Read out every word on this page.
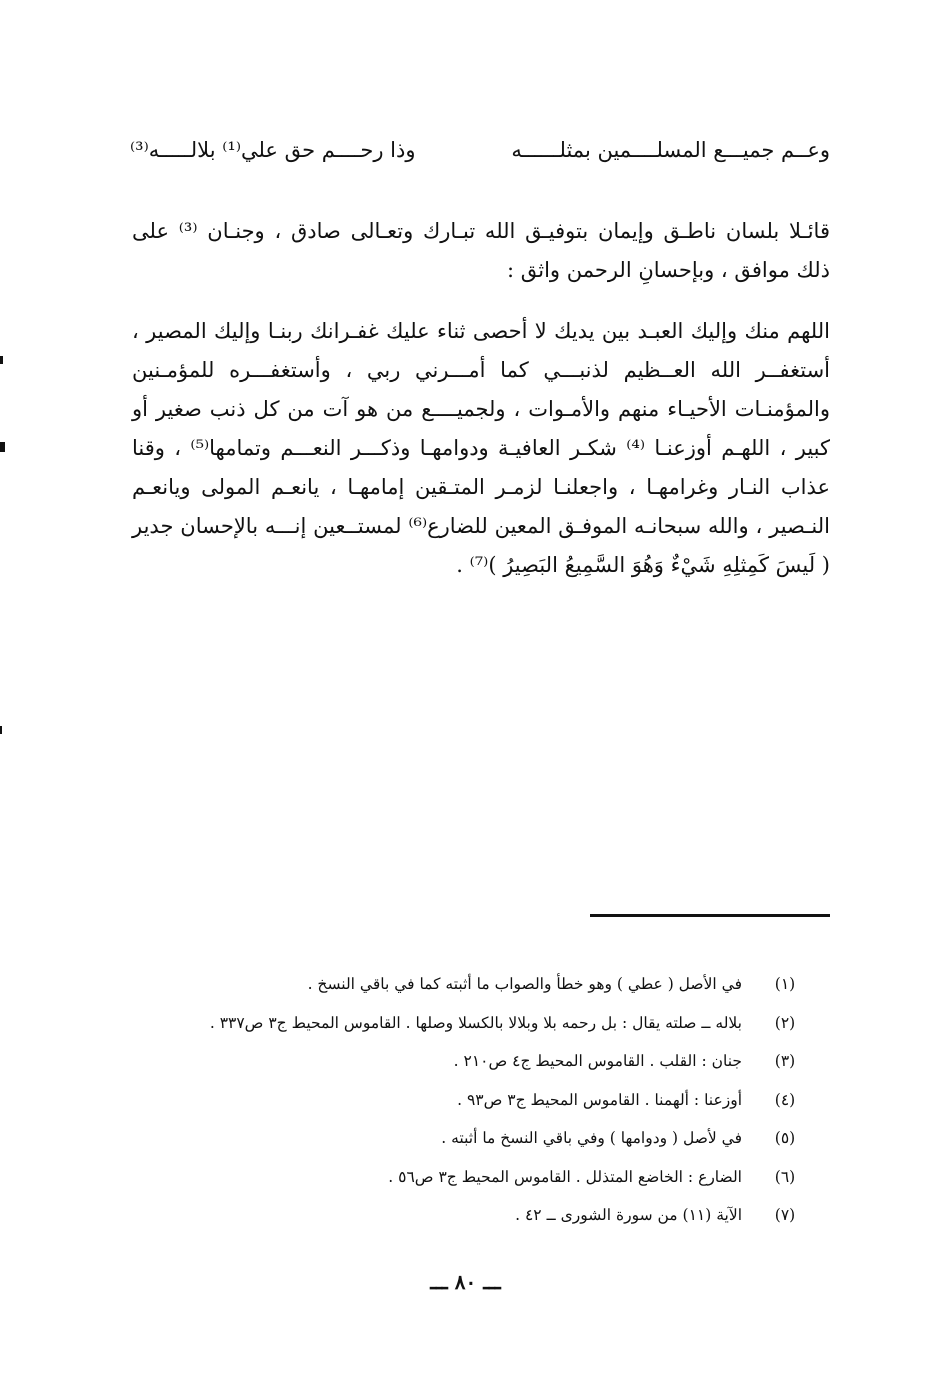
وعــم جميـــع المسلــــمين بمثلــــــه
وذا رحــــم حق علي⁽¹⁾ بلالـــــه⁽³⁾
قائـلا بلسان ناطـق وإيمان بتوفيـق الله تبـارك وتعـالى صادق ، وجنـان ⁽³⁾ على ذلك موافق ، وبإحسانِ الرحمن واثق :
اللهم منك وإليك العبـد بين يديك لا أحصى ثناء عليك غفـرانك ربنـا وإليك المصير ، أستغفــر الله العــظيم لذنبـــي كما أمـــرني ربي ، وأستغفـــره للمؤمـنين والمؤمنـات الأحيـاء منهم والأمـوات ، ولجميــــع من هو آت من كل ذنب صغير أو كبير ، اللهـم أوزعنـا ⁽⁴⁾ شكـر العافيـة ودوامهـا وذكـــر النعـــم وتمامها⁽⁵⁾ ، وقنا عذاب النـار وغرامهـا ، واجعلنـا لزمـر المتـقين إمامهـا ، يانعـم المولى ويانعـم النـصير ، والله سبحانـه الموفـق المعين للضارع⁽⁶⁾ لمستــعين إنـــه بالإحسان جدير ( لَيسَ كَمِثلِهِ شَيْءٌ وَهُوَ السَّمِيعُ البَصِيرُ )⁽⁷⁾ .
(١)
في الأصل ( عطي ) وهو خطأ والصواب ما أثبته كما في باقي النسخ .
(٢)
بلاله ــ صلته يقال : بل رحمه بلا وبلالا بالكسلا وصلها . القاموس المحيط ج٣ ص٣٣٧ .
(٣)
جنان : القلب . القاموس المحيط ج٤ ص٢١٠ .
(٤)
أوزعنا : ألهمنا . القاموس المحيط ج٣ ص٩٣ .
(٥)
في لأصل ( ودوامها ) وفي باقي النسخ ما أثبته .
(٦)
الضارع : الخاضع المتذلل . القاموس المحيط ج٣ ص٥٦ .
(٧)
الآية (١١) من سورة الشورى ــ ٤٢ .
ـــ ٨٠ ـــ
